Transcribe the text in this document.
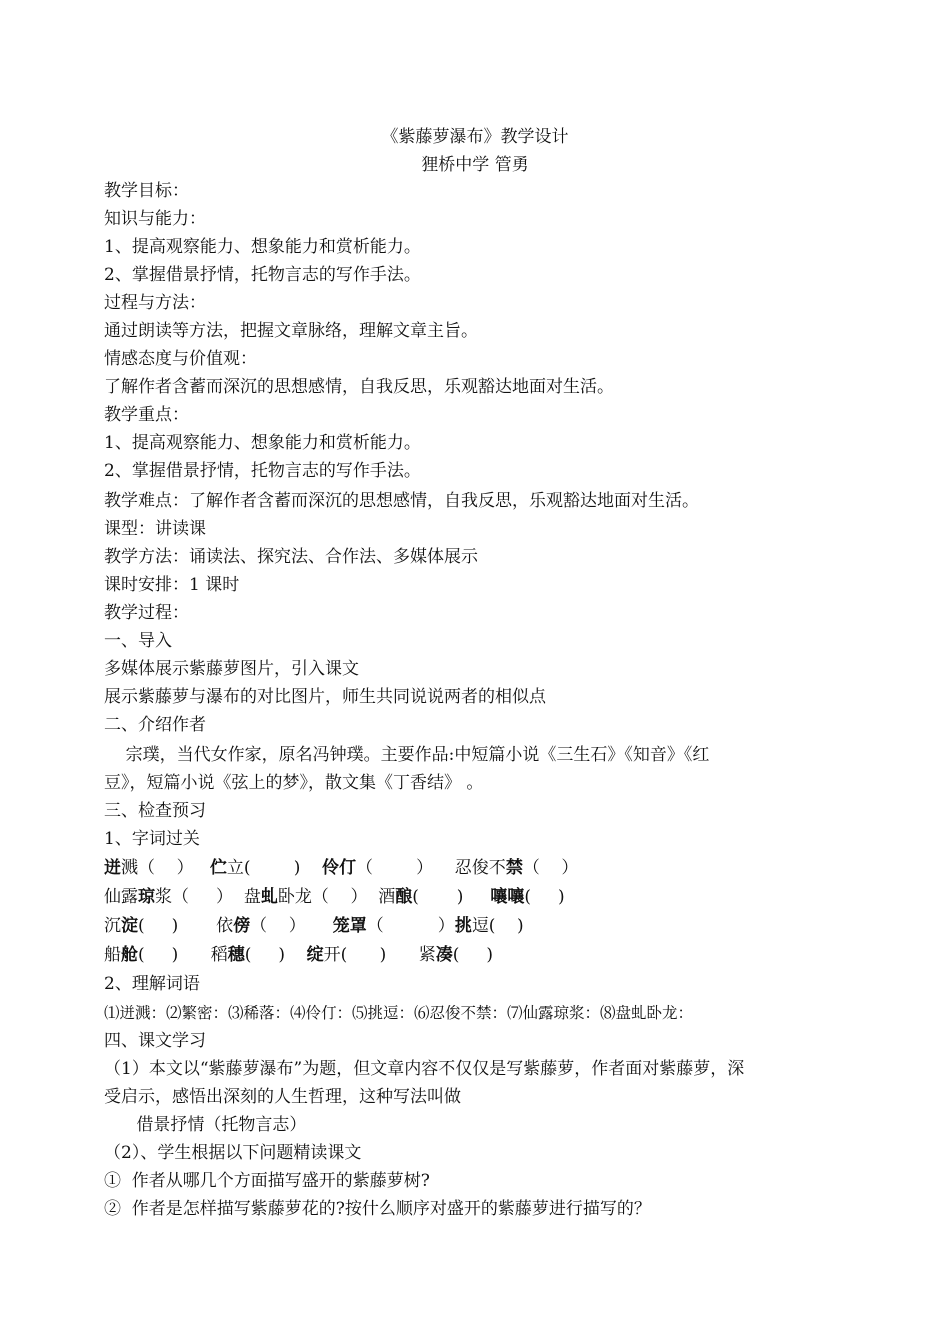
《紫藤萝瀑布》教学设计
狸桥中学 管勇
教学目标：
知识与能力：
1、提高观察能力、想象能力和赏析能力。
2、掌握借景抒情，托物言志的写作手法。
过程与方法：
通过朗读等方法，把握文章脉络，理解文章主旨。
情感态度与价值观：
了解作者含蓄而深沉的思想感情，自我反思，乐观豁达地面对生活。
教学重点：
1、提高观察能力、想象能力和赏析能力。
2、掌握借景抒情，托物言志的写作手法。
教学难点：了解作者含蓄而深沉的思想感情，自我反思，乐观豁达地面对生活。
课型：讲读课
教学方法：诵读法、探究法、合作法、多媒体展示
课时安排：1 课时
教学过程：
一、导入
多媒体展示紫藤萝图片，引入课文
展示紫藤萝与瀑布的对比图片，师生共同说说两者的相似点
二、介绍作者
宗璞，当代女作家，原名冯钟璞。主要作品:中短篇小说《三生石》《知音》《红
豆》，短篇小说《弦上的梦》，散文集《丁香结》 。
三、检查预习
1、字词过关
迸溅（    ）   伫立(        )    伶仃（        ）    忍俊不禁（    ）
仙露琼浆（     ）  盘虬卧龙（    ）  酒酿(       )     嚷嚷(     )
沉淀(     )       依傍（    ）     笼罩（          ）挑逗(    )
船舱(     )      稻穗(     )    绽开(      )      紧凑(     )
2、理解词语
⑴迸溅：⑵繁密：⑶稀落：⑷伶仃：⑸挑逗：⑹忍俊不禁：⑺仙露琼浆：⑻盘虬卧龙：
四、课文学习
（1）本文以“紫藤萝瀑布”为题，但文章内容不仅仅是写紫藤萝，作者面对紫藤萝，深
受启示，感悟出深刻的人生哲理，这种写法叫做
借景抒情（托物言志）
（2）、学生根据以下问题精读课文
①  作者从哪几个方面描写盛开的紫藤萝树?
②  作者是怎样描写紫藤萝花的?按什么顺序对盛开的紫藤萝进行描写的？
